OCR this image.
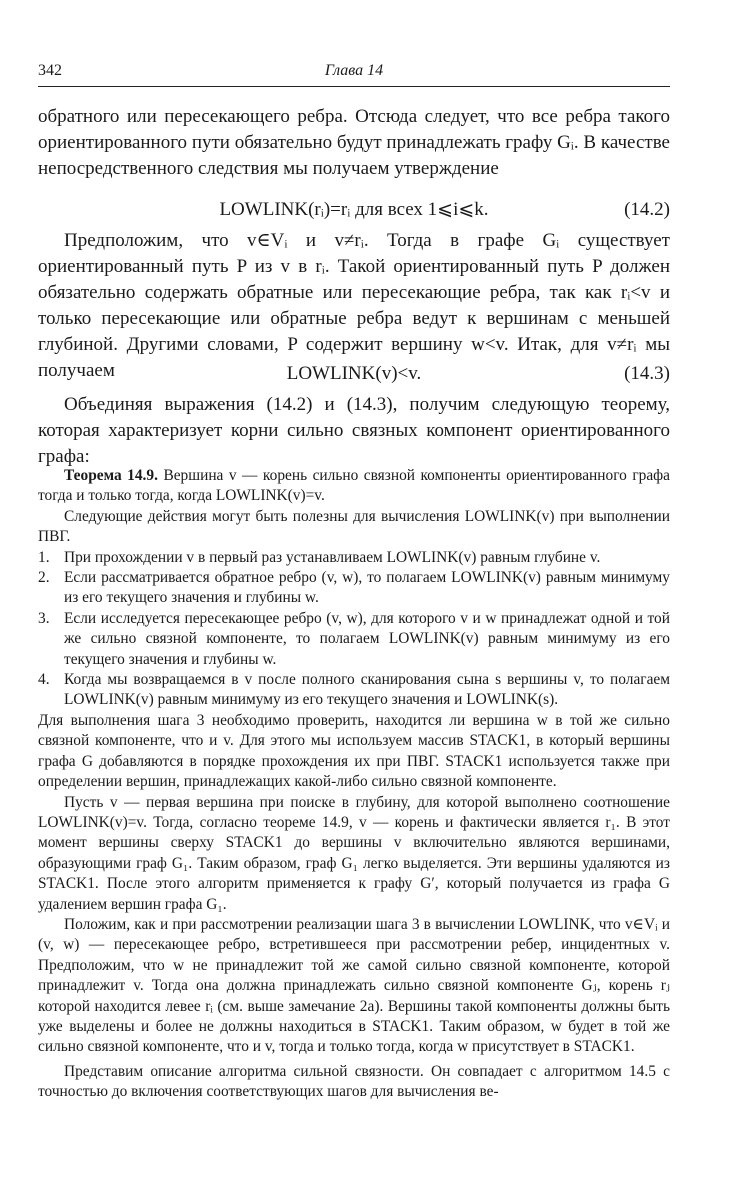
342	Глава 14

обратного или пересекающего ребра. Отсюда следует, что все ребра такого ориентированного пути обязательно будут принадлежать графу Gᵢ. В качестве непосредственного следствия мы получаем утверждение

LOWLINK(rᵢ)=rᵢ для всех 1⩽i⩽k.	(14.2)

Предположим, что v∈Vᵢ и v≠rᵢ. Тогда в графе Gᵢ существует ориентированный путь P из v в rᵢ. Такой ориентированный путь P должен обязательно содержать обратные или пересекающие ребра, так как rᵢ<v и только пересекающие или обратные ребра ведут к вершинам с меньшей глубиной. Другими словами, P содержит вершину w<v. Итак, для v≠rᵢ мы получаем	LOWLINK(v)<v.	(14.3)

Объединяя выражения (14.2) и (14.3), получим следующую теорему, которая характеризует корни сильно связных компонент ориентированного графа:

Теорема 14.9. Вершина v — корень сильно связной компоненты ориентированного графа тогда и только тогда, когда LOWLINK(v)=v.

Следующие действия могут быть полезны для вычисления LOWLINK(v) при выполнении ПВГ.

1. При прохождении v в первый раз устанавливаем LOWLINK(v) равным глубине v.
2. Если рассматривается обратное ребро (v, w), то полагаем LOWLINK(v) равным минимуму из его текущего значения и глубины w.
3. Если исследуется пересекающее ребро (v, w), для которого v и w принадлежат одной и той же сильно связной компоненте, то полагаем LOWLINK(v) равным минимуму из его текущего значения и глубины w.
4. Когда мы возвращаемся в v после полного сканирования сына s вершины v, то полагаем LOWLINK(v) равным минимуму из его текущего значения и LOWLINK(s).

Для выполнения шага 3 необходимо проверить, находится ли вершина w в той же сильно связной компоненте, что и v. Для этого мы используем массив STACK1, в который вершины графа G добавляются в порядке прохождения их при ПВГ. STACK1 используется также при определении вершин, принадлежащих какой-либо сильно связной компоненте.

Пусть v — первая вершина при поиске в глубину, для которой выполнено соотношение LOWLINK(v)=v. Тогда, согласно теореме 14.9, v — корень и фактически является r₁. В этот момент вершины сверху STACK1 до вершины v включительно являются вершинами, образующими граф G₁. Таким образом, граф G₁ легко выделяется. Эти вершины удаляются из STACK1. После этого алгоритм применяется к графу G′, который получается из графа G удалением вершин графа G₁.

Положим, как и при рассмотрении реализации шага 3 в вычислении LOWLINK, что v∈Vᵢ и (v, w) — пересекающее ребро, встретившееся при рассмотрении ребер, инцидентных v. Предположим, что w не принадлежит той же самой сильно связной компоненте, которой принадлежит v. Тогда она должна принадлежать сильно связной компоненте Gⱼ, корень rⱼ которой находится левее rᵢ (см. выше замечание 2а). Вершины такой компоненты должны быть уже выделены и более не должны находиться в STACK1. Таким образом, w будет в той же сильно связной компоненте, что и v, тогда и только тогда, когда w присутствует в STACK1.

Представим описание алгоритма сильной связности. Он совпадает с алгоритмом 14.5 с точностью до включения соответствующих шагов для вычисления ве-
